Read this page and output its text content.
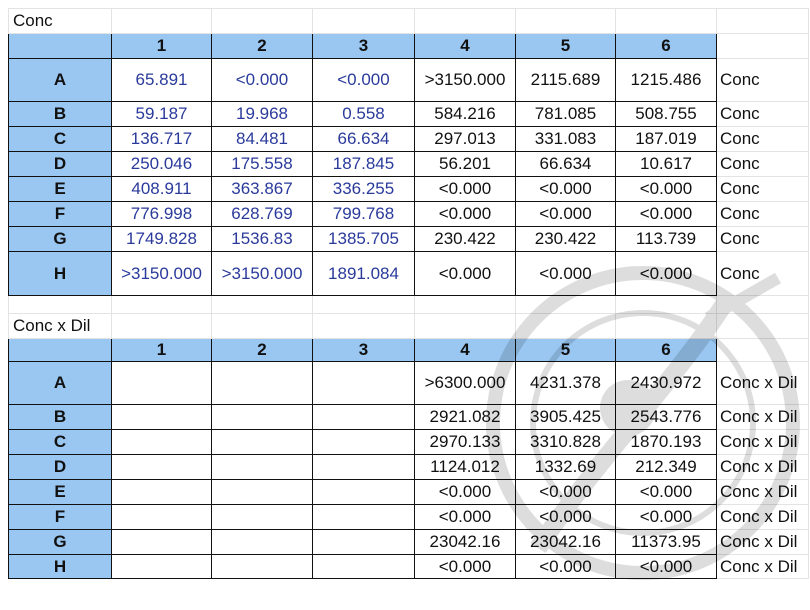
Conc							
	1	2	3	4	5	6	
A	65.891	<0.000	<0.000	>3150.000	2115.689	1215.486	Conc
B	59.187	19.968	0.558	584.216	781.085	508.755	Conc
C	136.717	84.481	66.634	297.013	331.083	187.019	Conc
D	250.046	175.558	187.845	56.201	66.634	10.617	Conc
E	408.911	363.867	336.255	<0.000	<0.000	<0.000	Conc
F	776.998	628.769	799.768	<0.000	<0.000	<0.000	Conc
G	1749.828	1536.83	1385.705	230.422	230.422	113.739	Conc
H	>3150.000	>3150.000	1891.084	<0.000	<0.000	<0.000	Conc

Conc x Dil							
	1	2	3	4	5	6	
A				>6300.000	4231.378	2430.972	Conc x Dil
B				2921.082	3905.425	2543.776	Conc x Dil
C				2970.133	3310.828	1870.193	Conc x Dil
D				1124.012	1332.69	212.349	Conc x Dil
E				<0.000	<0.000	<0.000	Conc x Dil
F				<0.000	<0.000	<0.000	Conc x Dil
G				23042.16	23042.16	11373.95	Conc x Dil
H				<0.000	<0.000	<0.000	Conc x Dil
